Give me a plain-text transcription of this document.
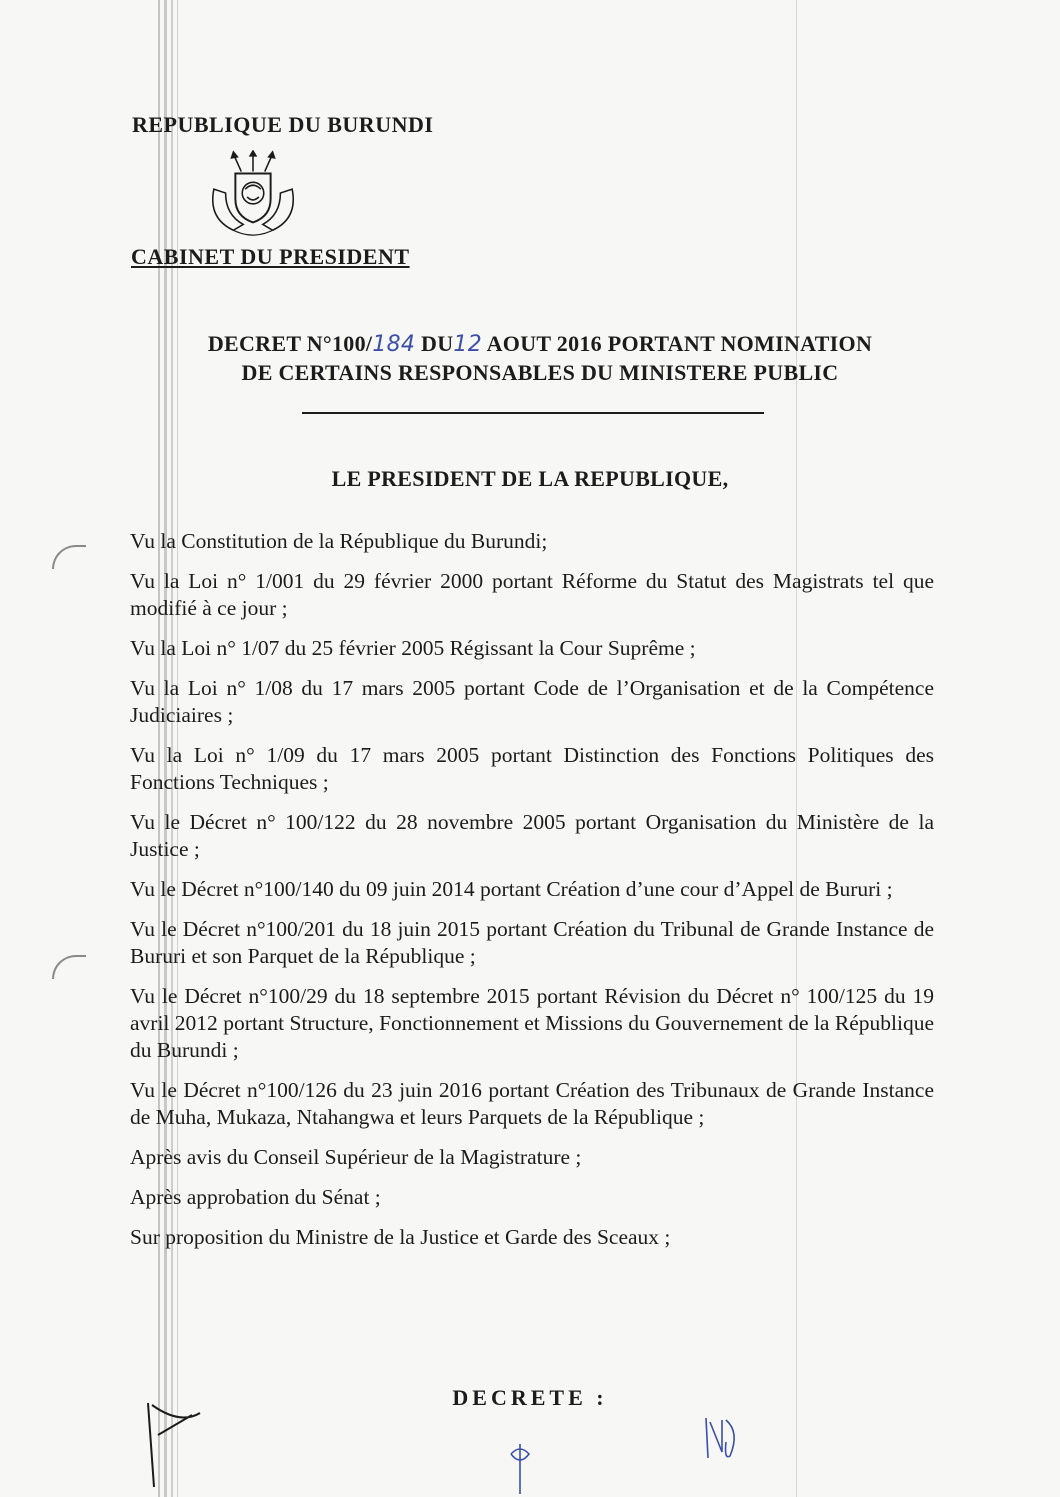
REPUBLIQUE DU BURUNDI
CABINET DU PRESIDENT
DECRET N°100/184 DU12 AOUT 2016 PORTANT NOMINATION
DE CERTAINS RESPONSABLES DU MINISTERE PUBLIC
LE PRESIDENT DE LA REPUBLIQUE,
Vu la Constitution de la République du Burundi;
Vu la Loi n° 1/001 du 29 février 2000 portant Réforme du Statut des Magistrats tel que modifié à ce jour ;
Vu la Loi n° 1/07 du 25 février 2005 Régissant la Cour Suprême ;
Vu la Loi n° 1/08 du 17 mars 2005 portant Code de l’Organisation et de la Compétence Judiciaires ;
Vu la Loi n° 1/09 du 17 mars 2005 portant Distinction des Fonctions Politiques des Fonctions Techniques ;
Vu le Décret n° 100/122 du 28 novembre 2005 portant Organisation du Ministère de la Justice ;
Vu le Décret n°100/140 du 09 juin 2014 portant Création d’une cour d’Appel de Bururi ;
Vu le Décret n°100/201 du 18 juin 2015 portant Création du Tribunal de Grande Instance de Bururi et son Parquet de la République ;
Vu le Décret n°100/29 du 18 septembre 2015 portant Révision du Décret n° 100/125 du 19 avril 2012 portant Structure, Fonctionnement et Missions du Gouvernement de la République du Burundi ;
Vu le Décret n°100/126 du 23 juin 2016 portant Création des Tribunaux de Grande Instance de Muha, Mukaza, Ntahangwa et leurs Parquets de la République ;
Après avis du Conseil Supérieur de la Magistrature ;
Après approbation du Sénat ;
Sur proposition du Ministre de la Justice et Garde des Sceaux ;
DECRETE :
